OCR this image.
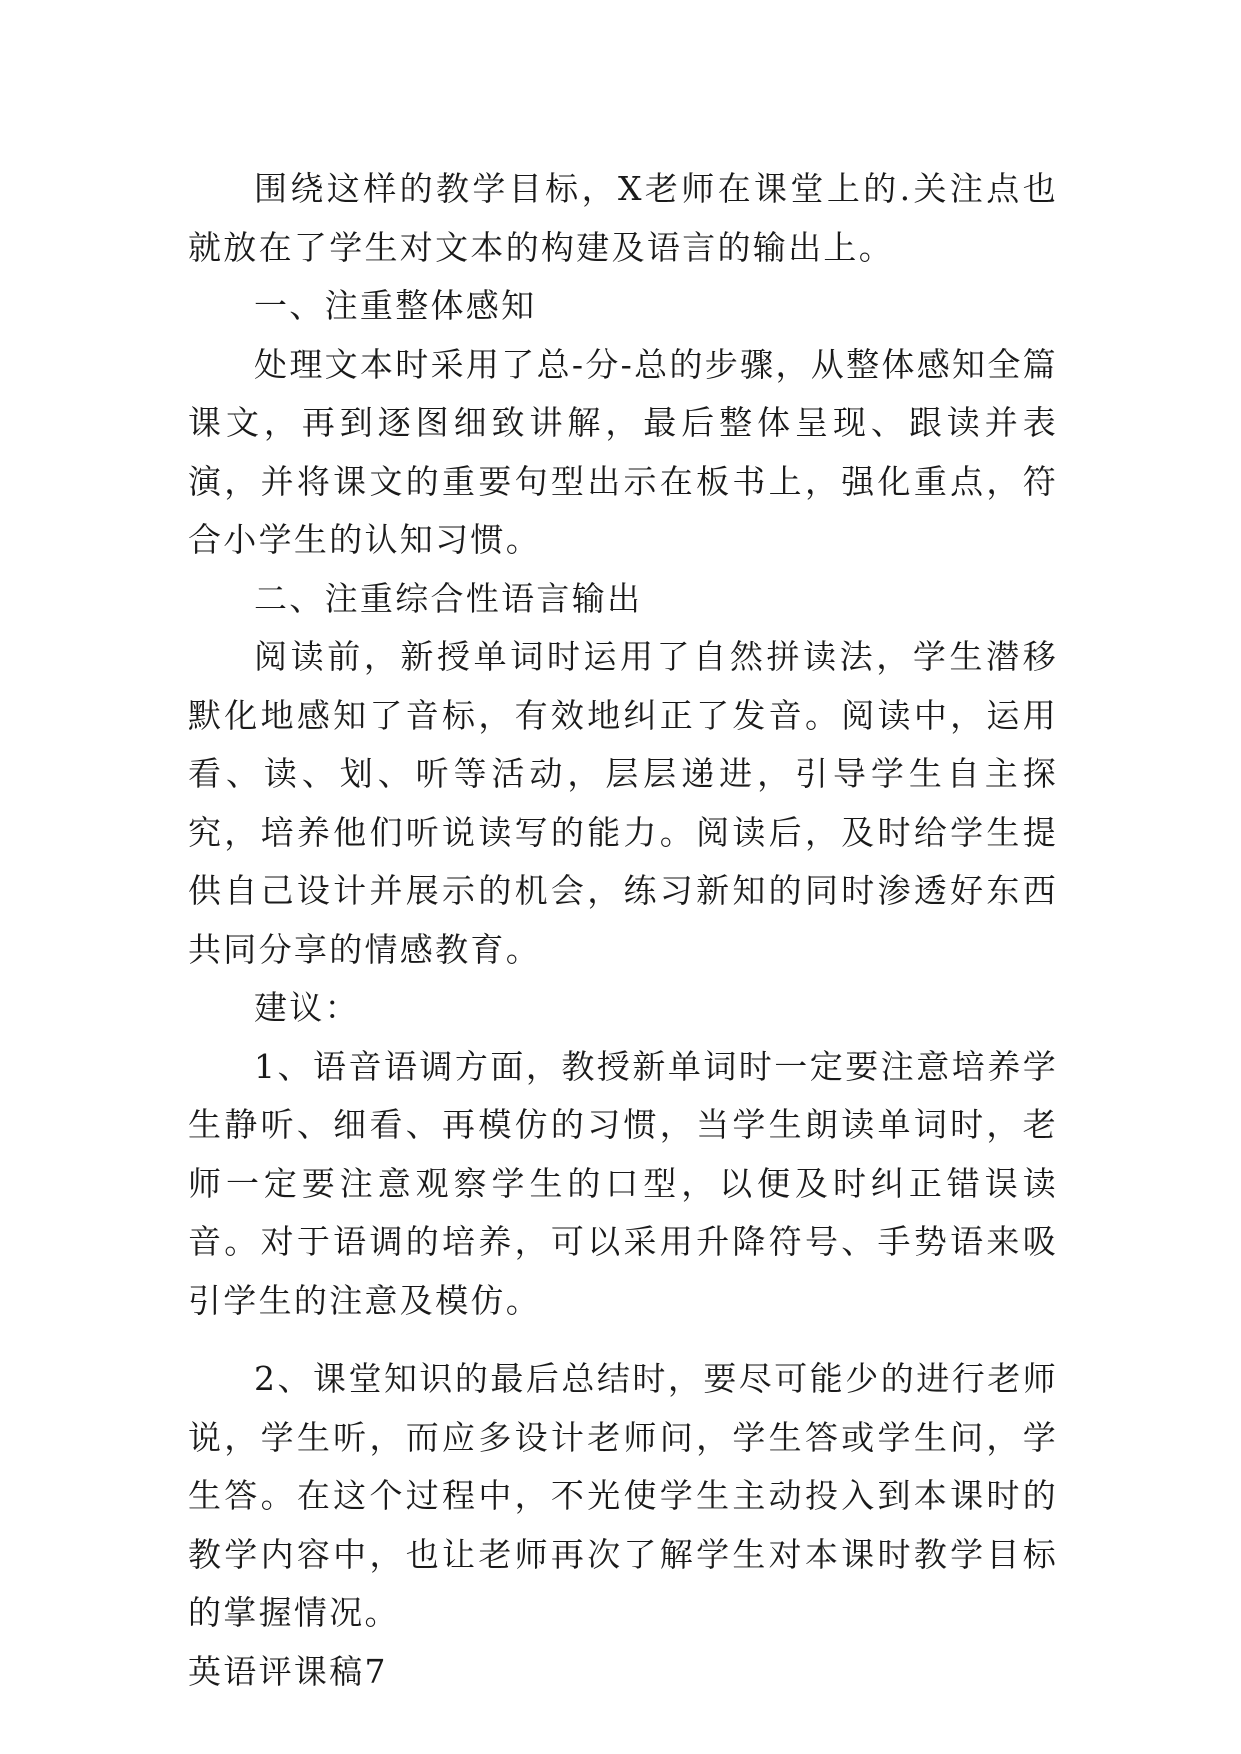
围绕这样的教学目标，X老师在课堂上的.关注点也就放在了学生对文本的构建及语言的输出上。

一、注重整体感知

处理文本时采用了总-分-总的步骤，从整体感知全篇课文，再到逐图细致讲解，最后整体呈现、跟读并表演，并将课文的重要句型出示在板书上，强化重点，符合小学生的认知习惯。

二、注重综合性语言输出

阅读前，新授单词时运用了自然拼读法，学生潜移默化地感知了音标，有效地纠正了发音。阅读中，运用看、读、划、听等活动，层层递进，引导学生自主探究，培养他们听说读写的能力。阅读后，及时给学生提供自己设计并展示的机会，练习新知的同时渗透好东西共同分享的情感教育。

建议：

1、语音语调方面，教授新单词时一定要注意培养学生静听、细看、再模仿的习惯，当学生朗读单词时，老师一定要注意观察学生的口型，以便及时纠正错误读音。对于语调的培养，可以采用升降符号、手势语来吸引学生的注意及模仿。

2、课堂知识的最后总结时，要尽可能少的进行老师说，学生听，而应多设计老师问，学生答或学生问，学生答。在这个过程中，不光使学生主动投入到本课时的教学内容中，也让老师再次了解学生对本课时教学目标的掌握情况。

英语评课稿7
